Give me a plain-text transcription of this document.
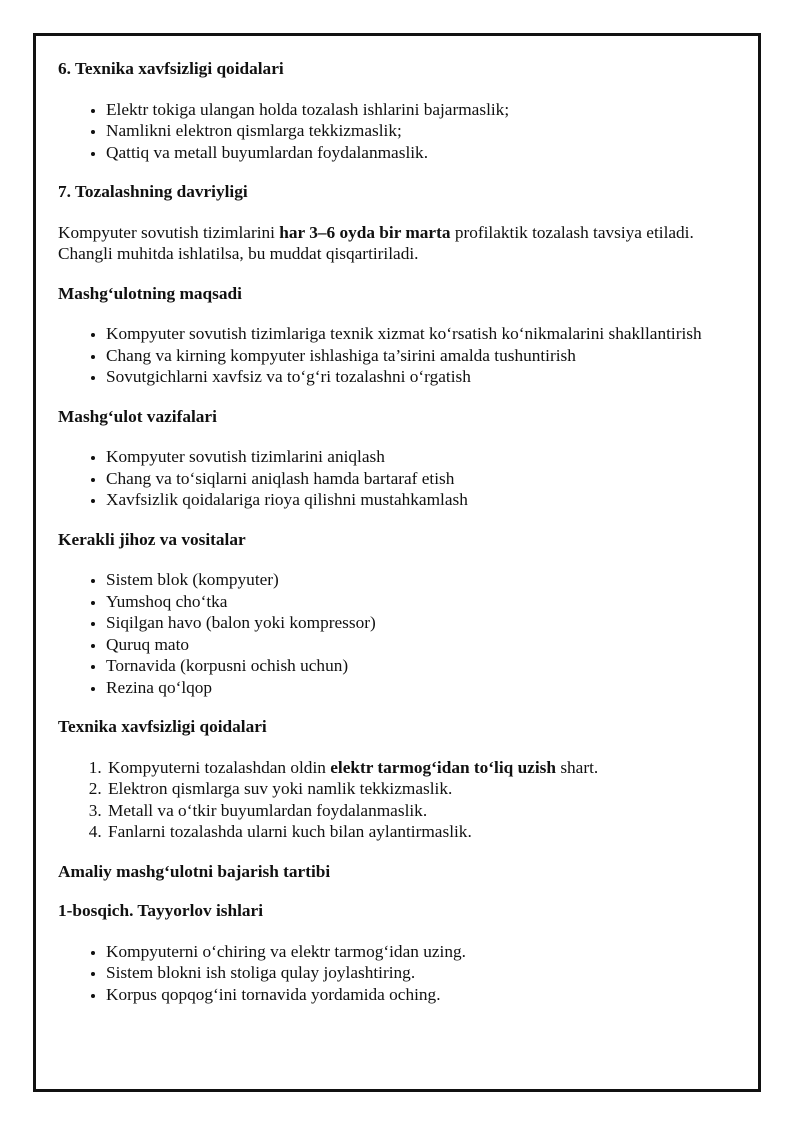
6. Texnika xavfsizligi qoidalari
• Elektr tokiga ulangan holda tozalash ishlarini bajarmaslik;
• Namlikni elektron qismlarga tekkizmaslik;
• Qattiq va metall buyumlardan foydalanmaslik.
7. Tozalashning davriyligi

Kompyuter sovutish tizimlarini har 3–6 oyda bir marta profilaktik tozalash tavsiya etiladi. Changli muhitda ishlatilsa, bu muddat qisqartiriladi.

Mashg‘ulotning maqsadi
• Kompyuter sovutish tizimlariga texnik xizmat ko‘rsatish ko‘nikmalarini shakllantirish
• Chang va kirning kompyuter ishlashiga ta’sirini amalda tushuntirish
• Sovutgichlarni xavfsiz va to‘g‘ri tozalashni o‘rgatish
Mashg‘ulot vazifalari
• Kompyuter sovutish tizimlarini aniqlash
• Chang va to‘siqlarni aniqlash hamda bartaraf etish
• Xavfsizlik qoidalariga rioya qilishni mustahkamlash
Kerakli jihoz va vositalar
• Sistem blok (kompyuter)
• Yumshoq cho‘tka
• Siqilgan havo (balon yoki kompressor)
• Quruq mato
• Tornavida (korpusni ochish uchun)
• Rezina qo‘lqop
Texnika xavfsizligi qoidalari
1. Kompyuterni tozalashdan oldin elektr tarmog‘idan to‘liq uzish shart.
2. Elektron qismlarga suv yoki namlik tekkizmaslik.
3. Metall va o‘tkir buyumlardan foydalanmaslik.
4. Fanlarni tozalashda ularni kuch bilan aylantirmaslik.
Amaliy mashg‘ulotni bajarish tartibi
1-bosqich. Tayyorlov ishlari
• Kompyuterni o‘chiring va elektr tarmog‘idan uzing.
• Sistem blokni ish stoliga qulay joylashtiring.
• Korpus qopqog‘ini tornavida yordamida oching.
